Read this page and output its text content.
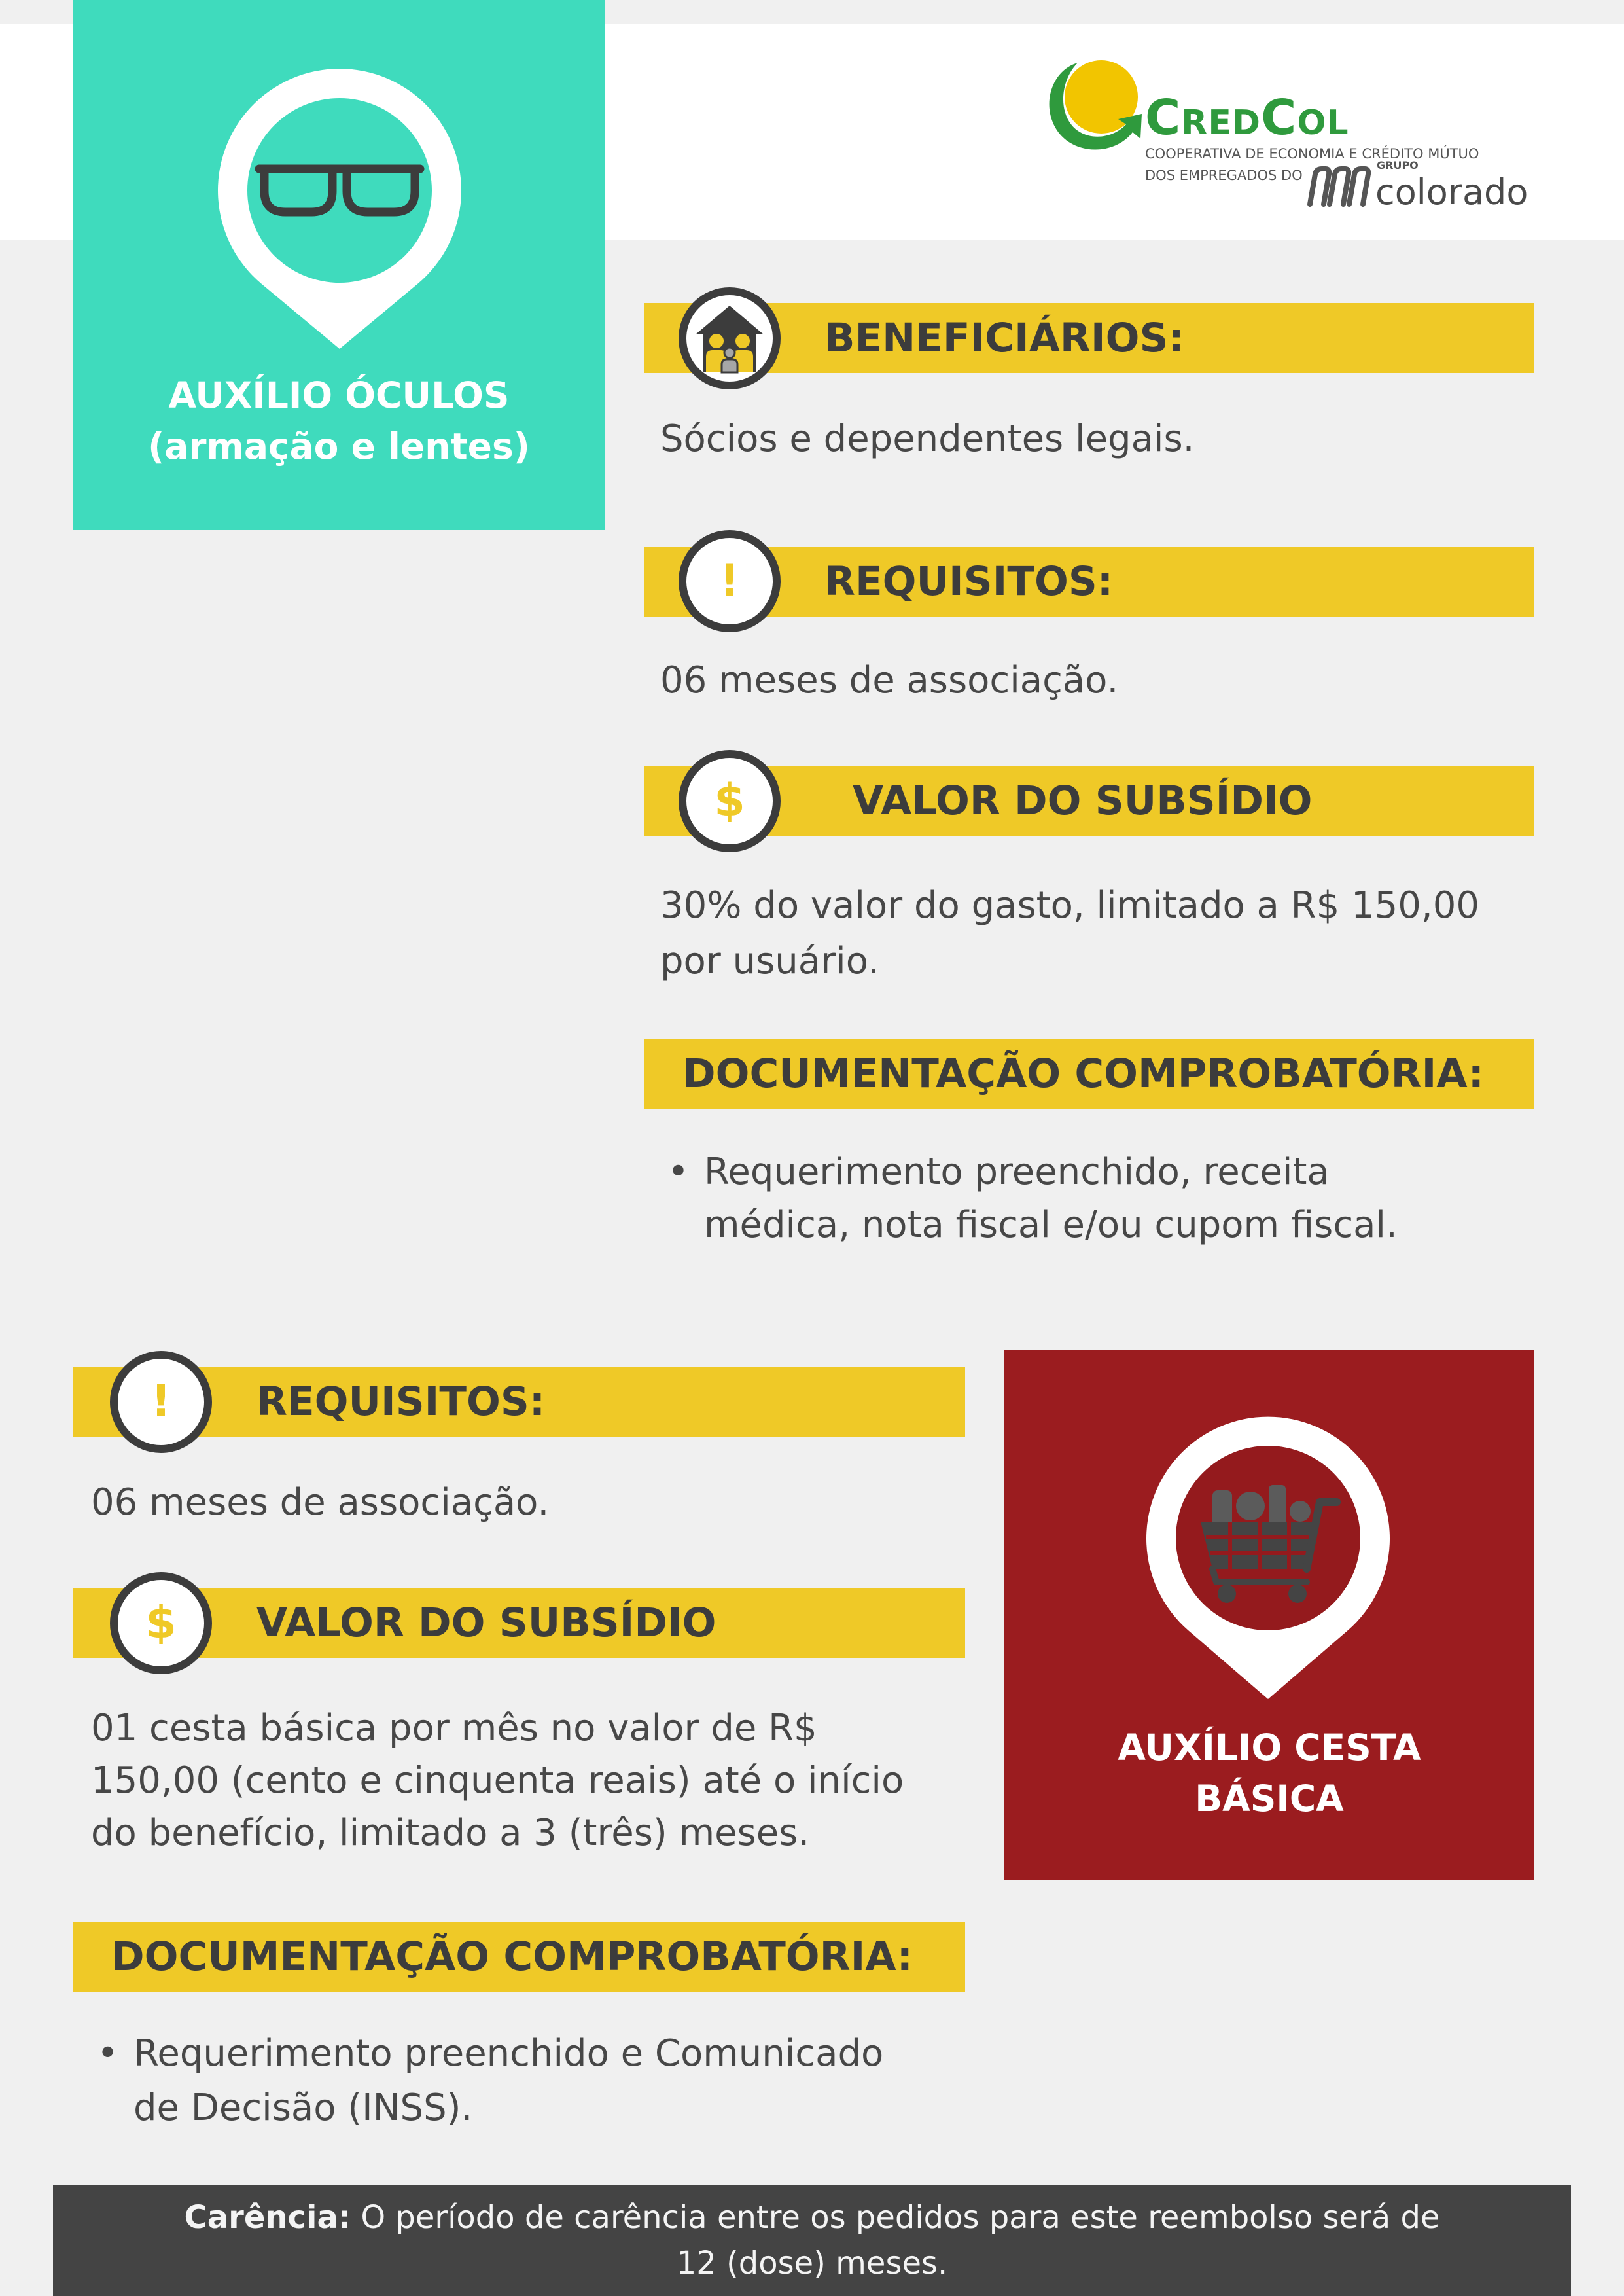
AUXÍLIO ÓCULOS
(armação e lentes)
CredCol
COOPERATIVA DE ECONOMIA E CRÉDITO MÚTUO
DOS EMPREGADOS DO
GRUPO
colorado
BENEFICIÁRIOS:
Sócios e dependentes legais.
REQUISITOS:
!
06 meses de associação.
VALOR DO SUBSÍDIO
$
30% do valor do gasto, limitado a R$ 150,00
por usuário.
DOCUMENTAÇÃO COMPROBATÓRIA:
• Requerimento preenchido, receita
médica, nota fiscal e/ou cupom fiscal.
REQUISITOS:
!
06 meses de associação.
VALOR DO SUBSÍDIO
$
01 cesta básica por mês no valor de R$
150,00 (cento e cinquenta reais) até o início
do benefício, limitado a 3 (três) meses.
DOCUMENTAÇÃO COMPROBATÓRIA:
• Requerimento preenchido e Comunicado
de Decisão (INSS).
AUXÍLIO CESTA
BÁSICA
Carência: O período de carência entre os pedidos para este reembolso será de
12 (dose) meses.
